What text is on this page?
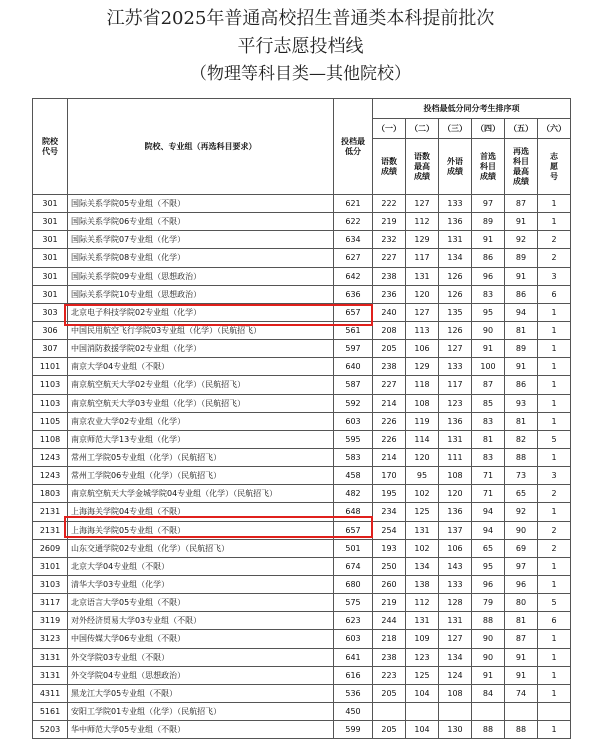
江苏省2025年普通高校招生普通类本科提前批次
平行志愿投档线
（物理等科目类—其他院校）
院校代号	院校、专业组（再选科目要求）	投档最低分	投档最低分同分考生排序项					
			（一）	（二）	（三）	（四）	（五）	（六）
			语数成绩	语数最高成绩	外语成绩	首选科目成绩	再选科目最高成绩	志愿号
301	国际关系学院05专业组（不限）	621	222	127	133	97	87	1
301	国际关系学院06专业组（不限）	622	219	112	136	89	91	1
301	国际关系学院07专业组（化学）	634	232	129	131	91	92	2
301	国际关系学院08专业组（化学）	627	227	117	134	86	89	2
301	国际关系学院09专业组（思想政治）	642	238	131	126	96	91	3
301	国际关系学院10专业组（思想政治）	636	236	120	126	83	86	6
303	北京电子科技学院02专业组（化学）	657	240	127	135	95	94	1
306	中国民用航空飞行学院03专业组（化学）（民航招飞）	561	208	113	126	90	81	1
307	中国消防救援学院02专业组（化学）	597	205	106	127	91	89	1
1101	南京大学04专业组（不限）	640	238	129	133	100	91	1
1103	南京航空航天大学02专业组（化学）（民航招飞）	587	227	118	117	87	86	1
1103	南京航空航天大学03专业组（化学）（民航招飞）	592	214	108	123	85	93	1
1105	南京农业大学02专业组（化学）	603	226	119	136	83	81	1
1108	南京师范大学13专业组（化学）	595	226	114	131	81	82	5
1243	常州工学院05专业组（化学）（民航招飞）	583	214	120	111	83	88	1
1243	常州工学院06专业组（化学）（民航招飞）	458	170	95	108	71	73	3
1803	南京航空航天大学金城学院04专业组（化学）（民航招飞）	482	195	102	120	71	65	2
2131	上海海关学院04专业组（不限）	648	234	125	136	94	92	1
2131	上海海关学院05专业组（不限）	657	254	131	137	94	90	2
2609	山东交通学院02专业组（化学）（民航招飞）	501	193	102	106	65	69	2
3101	北京大学04专业组（不限）	674	250	134	143	95	97	1
3103	清华大学03专业组（化学）	680	260	138	133	96	96	1
3117	北京语言大学05专业组（不限）	575	219	112	128	79	80	5
3119	对外经济贸易大学03专业组（不限）	623	244	131	131	88	81	6
3123	中国传媒大学06专业组（不限）	603	218	109	127	90	87	1
3131	外交学院03专业组（不限）	641	238	123	134	90	91	1
3131	外交学院04专业组（思想政治）	616	223	125	124	91	91	1
4311	黑龙江大学05专业组（不限）	536	205	104	108	84	74	1
5161	安阳工学院01专业组（化学）（民航招飞）	450						
5203	华中师范大学05专业组（不限）	599	205	104	130	88	88	1
